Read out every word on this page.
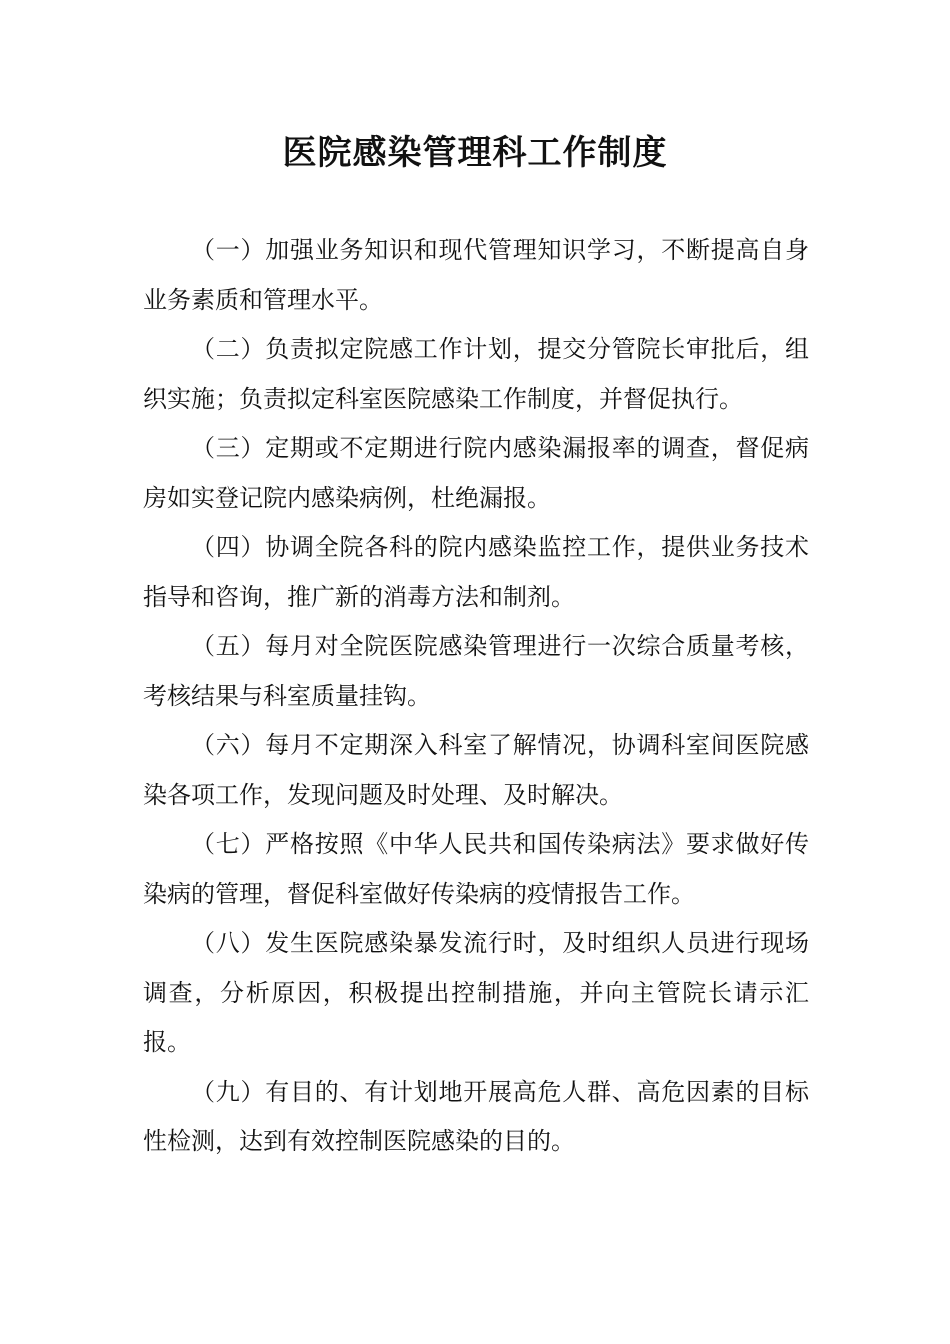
医院感染管理科工作制度

（一）加强业务知识和现代管理知识学习，不断提高自身业务素质和管理水平。

（二）负责拟定院感工作计划，提交分管院长审批后，组织实施；负责拟定科室医院感染工作制度，并督促执行。

（三）定期或不定期进行院内感染漏报率的调查，督促病房如实登记院内感染病例，杜绝漏报。

（四）协调全院各科的院内感染监控工作，提供业务技术指导和咨询，推广新的消毒方法和制剂。

（五）每月对全院医院感染管理进行一次综合质量考核，考核结果与科室质量挂钩。

（六）每月不定期深入科室了解情况，协调科室间医院感染各项工作，发现问题及时处理、及时解决。

（七）严格按照《中华人民共和国传染病法》要求做好传染病的管理，督促科室做好传染病的疫情报告工作。

（八）发生医院感染暴发流行时，及时组织人员进行现场调查，分析原因，积极提出控制措施，并向主管院长请示汇报。

（九）有目的、有计划地开展高危人群、高危因素的目标性检测，达到有效控制医院感染的目的。
